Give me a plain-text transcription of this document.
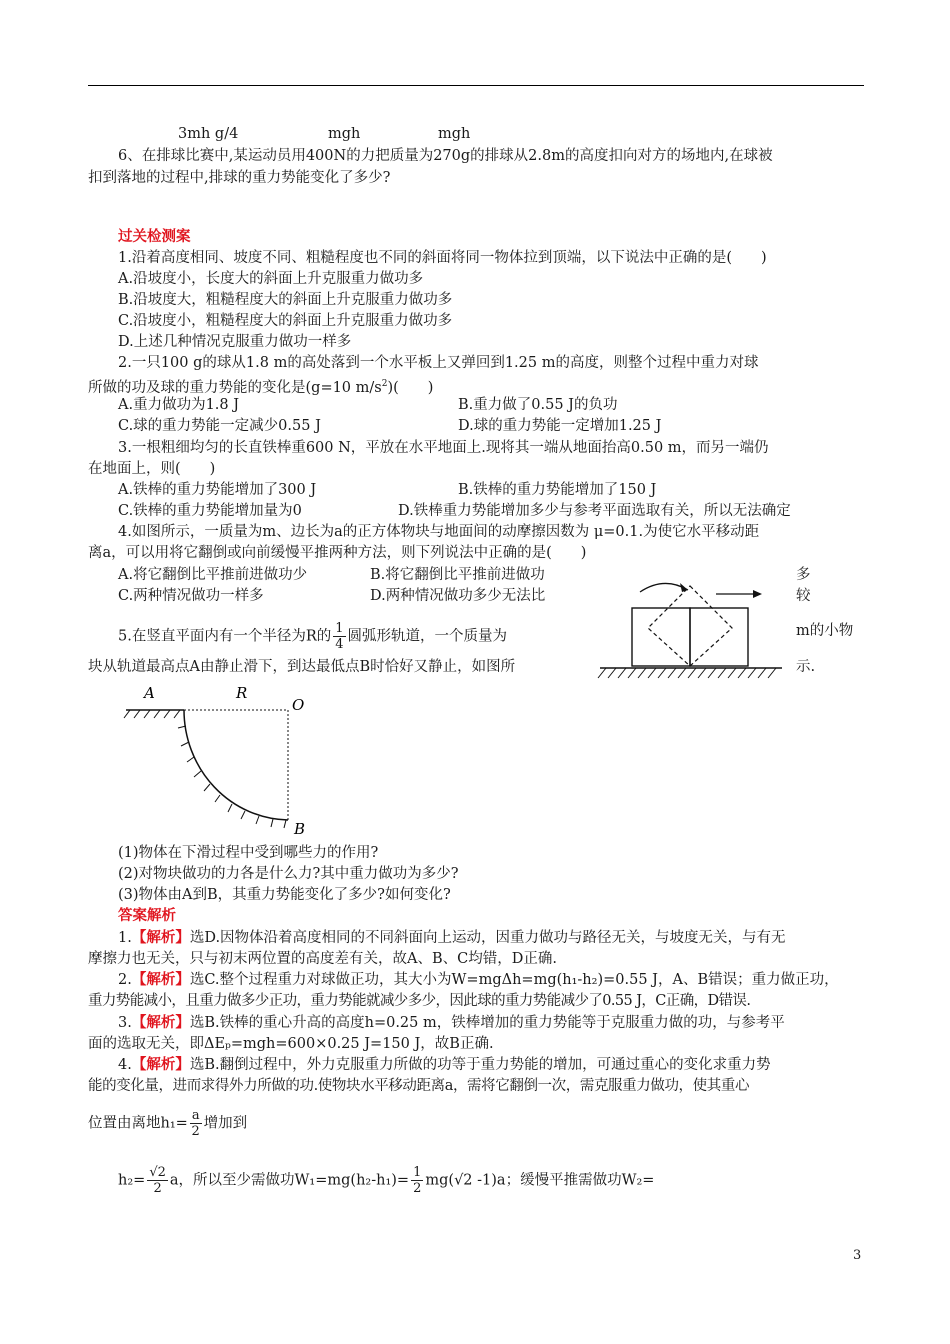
3mh g/4	mgh	mgh
6、在排球比赛中,某运动员用400N的力把质量为270g的排球从2.8m的高度扣向对方的场地内,在球被
扣到落地的过程中,排球的重力势能变化了多少?
过关检测案
1.沿着高度相同、坡度不同、粗糙程度也不同的斜面将同一物体拉到顶端，以下说法中正确的是(　　)
A.沿坡度小，长度大的斜面上升克服重力做功多
B.沿坡度大，粗糙程度大的斜面上升克服重力做功多
C.沿坡度小，粗糙程度大的斜面上升克服重力做功多
D.上述几种情况克服重力做功一样多
2.一只100 g的球从1.8 m的高处落到一个水平板上又弹回到1.25 m的高度，则整个过程中重力对球
所做的功及球的重力势能的变化是(g=10 $m/s^2$)(　　)
A.重力做功为1.8 J	B.重力做了0.55 J的负功
C.球的重力势能一定减少0.55 J	D.球的重力势能一定增加1.25 J
3.一根粗细均匀的长直铁棒重600 N，平放在水平地面上.现将其一端从地面抬高0.50 m，而另一端仍
在地面上，则(　　)
A.铁棒的重力势能增加了300 J	B.铁棒的重力势能增加了150 J
C.铁棒的重力势能增加量为0	D.铁棒重力势能增加多少与参考平面选取有关，所以无法确定
4.如图所示，一质量为m、边长为a的正方体物块与地面间的动摩擦因数为 μ=0.1.为使它水平移动距
离a，可以用将它翻倒或向前缓慢平推两种方法，则下列说法中正确的是(　　)
A.将它翻倒比平推前进做功少	B.将它翻倒比平推前进做功	多
C.两种情况做功一样多	D.两种情况做功多少无法比	较
5.在竖直平面内有一个半径为R的 $\frac{1}{4}$ 圆弧形轨道，一个质量为	m的小物
块从轨道最高点A由静止滑下，到达最低点B时恰好又静止，如图所	示.
A	R
O
B
(1)物体在下滑过程中受到哪些力的作用?
(2)对物块做功的力各是什么力?其中重力做功为多少?
(3)物体由A到B，其重力势能变化了多少?如何变化?
答案解析
1.【解析】选D.因物体沿着高度相同的不同斜面向上运动，因重力做功与路径无关，与坡度无关，与有无
摩擦力也无关，只与初末两位置的高度差有关，故A、B、C均错，D正确.
2.【解析】选C.整个过程重力对球做正功，其大小为W=mgΔh=mg(h₁-h₂)=0.55 J，A、B错误；重力做正功，
重力势能减小，且重力做多少正功，重力势能就减少多少，因此球的重力势能减少了0.55 J，C正确，D错误.
3.【解析】选B.铁棒的重心升高的高度h=0.25 m，铁棒增加的重力势能等于克服重力做的功，与参考平
面的选取无关，即ΔEₚ=mgh=600×0.25 J=150 J，故B正确.
4.【解析】选B.翻倒过程中，外力克服重力所做的功等于重力势能的增加，可通过重心的变化求重力势
能的变化量，进而求得外力所做的功.使物块水平移动距离a，需将它翻倒一次，需克服重力做功，使其重心
位置由离地$h_1= \frac{a}{2}$ 增加到
$h_2= \frac{√2}{2}$ a，所以至少需做功$W_1=mg(h_2-h_1)= \frac{1}{2} mg(√2$ -1)a；缓慢平推需做功W₂=
3
